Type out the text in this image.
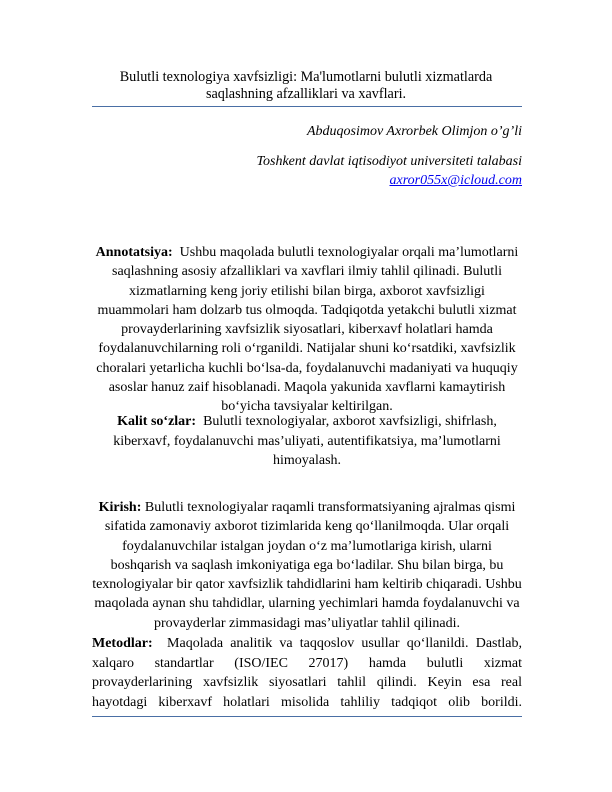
Bulutli texnologiya xavfsizligi: Ma'lumotlarni bulutli xizmatlarda saqlashning afzalliklari va xavflari.
Abduqosimov Axrorbek Olimjon o’g’li
Toshkent davlat iqtisodiyot universiteti talabasi
axror055x@icloud.com
Annotatsiya: Ushbu maqolada bulutli texnologiyalar orqali ma’lumotlarni saqlashning asosiy afzalliklari va xavflari ilmiy tahlil qilinadi. Bulutli xizmatlarning keng joriy etilishi bilan birga, axborot xavfsizligi muammolari ham dolzarb tus olmoqda. Tadqiqotda yetakchi bulutli xizmat provayderlarining xavfsizlik siyosatlari, kiberxavf holatlari hamda foydalanuvchilarning roli o‘rganildi. Natijalar shuni ko‘rsatdiki, xavfsizlik choralari yetarlicha kuchli bo‘lsa-da, foydalanuvchi madaniyati va huquqiy asoslar hanuz zaif hisoblanadi. Maqola yakunida xavflarni kamaytirish bo‘yicha tavsiyalar keltirilgan.
Kalit so‘zlar: Bulutli texnologiyalar, axborot xavfsizligi, shifrlash, kiberxavf, foydalanuvchi mas’uliyati, autentifikatsiya, ma’lumotlarni himoyalash.
Kirish: Bulutli texnologiyalar raqamli transformatsiyaning ajralmas qismi sifatida zamonaviy axborot tizimlarida keng qo‘llanilmoqda. Ular orqali foydalanuvchilar istalgan joydan o‘z ma’lumotlariga kirish, ularni boshqarish va saqlash imkoniyatiga ega bo‘ladilar. Shu bilan birga, bu texnologiyalar bir qator xavfsizlik tahdidlarini ham keltirib chiqaradi. Ushbu maqolada aynan shu tahdidlar, ularning yechimlari hamda foydalanuvchi va provayderlar zimmasidagi mas’uliyatlar tahlil qilinadi.
Metodlar: Maqolada analitik va taqqoslov usullar qo‘llanildi. Dastlab, xalqaro standartlar (ISO/IEC 27017) hamda bulutli xizmat provayderlarining xavfsizlik siyosatlari tahlil qilindi. Keyin esa real hayotdagi kiberxavf holatlari misolida tahliliy tadqiqot olib borildi.
